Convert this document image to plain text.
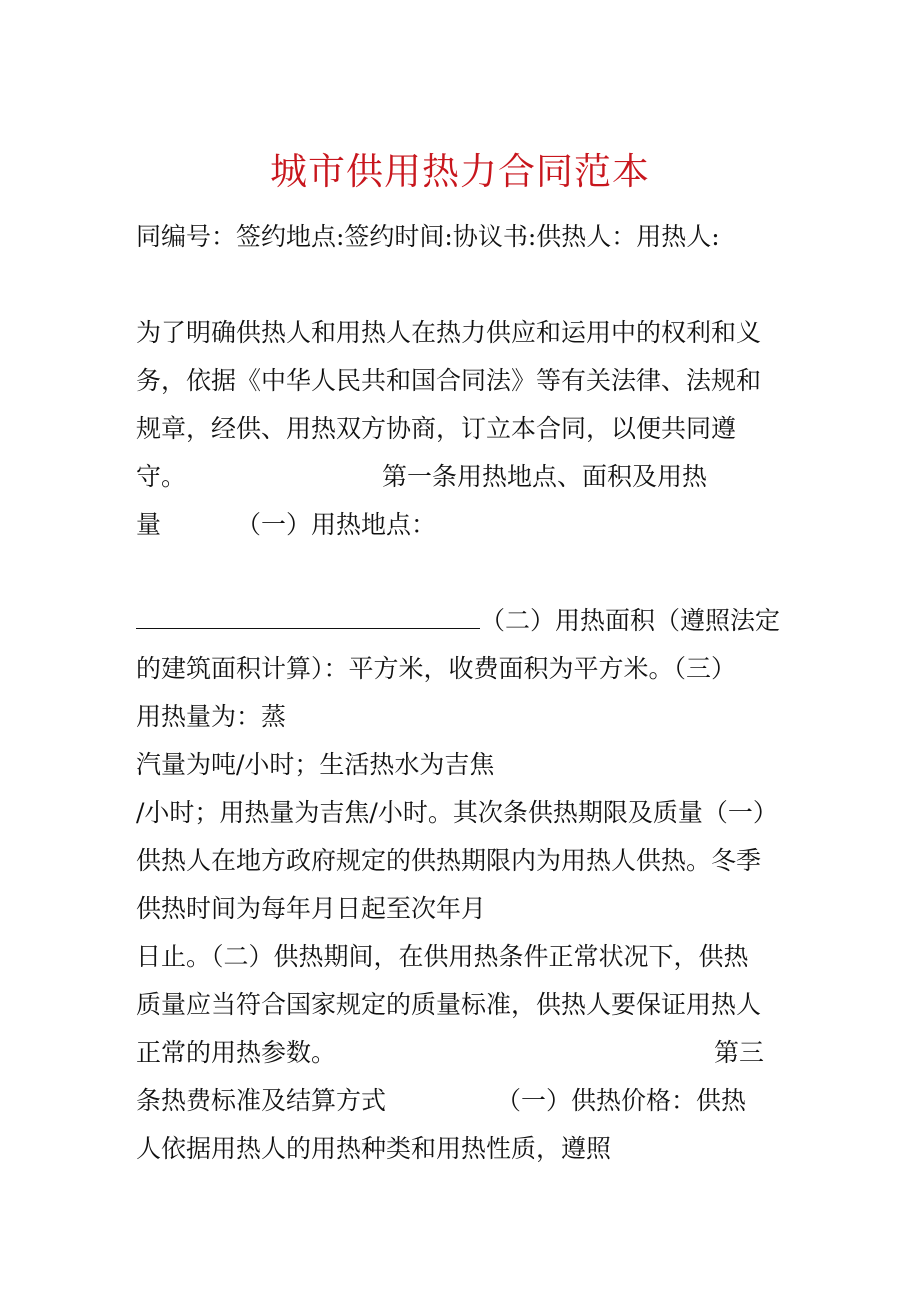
城市供用热力合同范本
同编号：签约地点:签约时间:协议书:供热人：用热人:
为了明确供热人和用热人在热力供应和运用中的权利和义
务，依据《中华人民共和国合同法》等有关法律、法规和
规章，经供、用热双方协商，订立本合同，以便共同遵
守。	第一条用热地点、面积及用热
量	（一）用热地点：
（二）用热面积（遵照法定
的建筑面积计算）：平方米，收费面积为平方米。（三）
用热量为：蒸
汽量为吨/小时；生活热水为吉焦
/小时；用热量为吉焦/小时。其次条供热期限及质量（一）
供热人在地方政府规定的供热期限内为用热人供热。冬季
供热时间为每年月日起至次年月
日止。（二）供热期间，在供用热条件正常状况下，供热
质量应当符合国家规定的质量标准，供热人要保证用热人
正常的用热参数。	第三
条热费标准及结算方式	（一）供热价格：供热
人依据用热人的用热种类和用热性质，遵照
